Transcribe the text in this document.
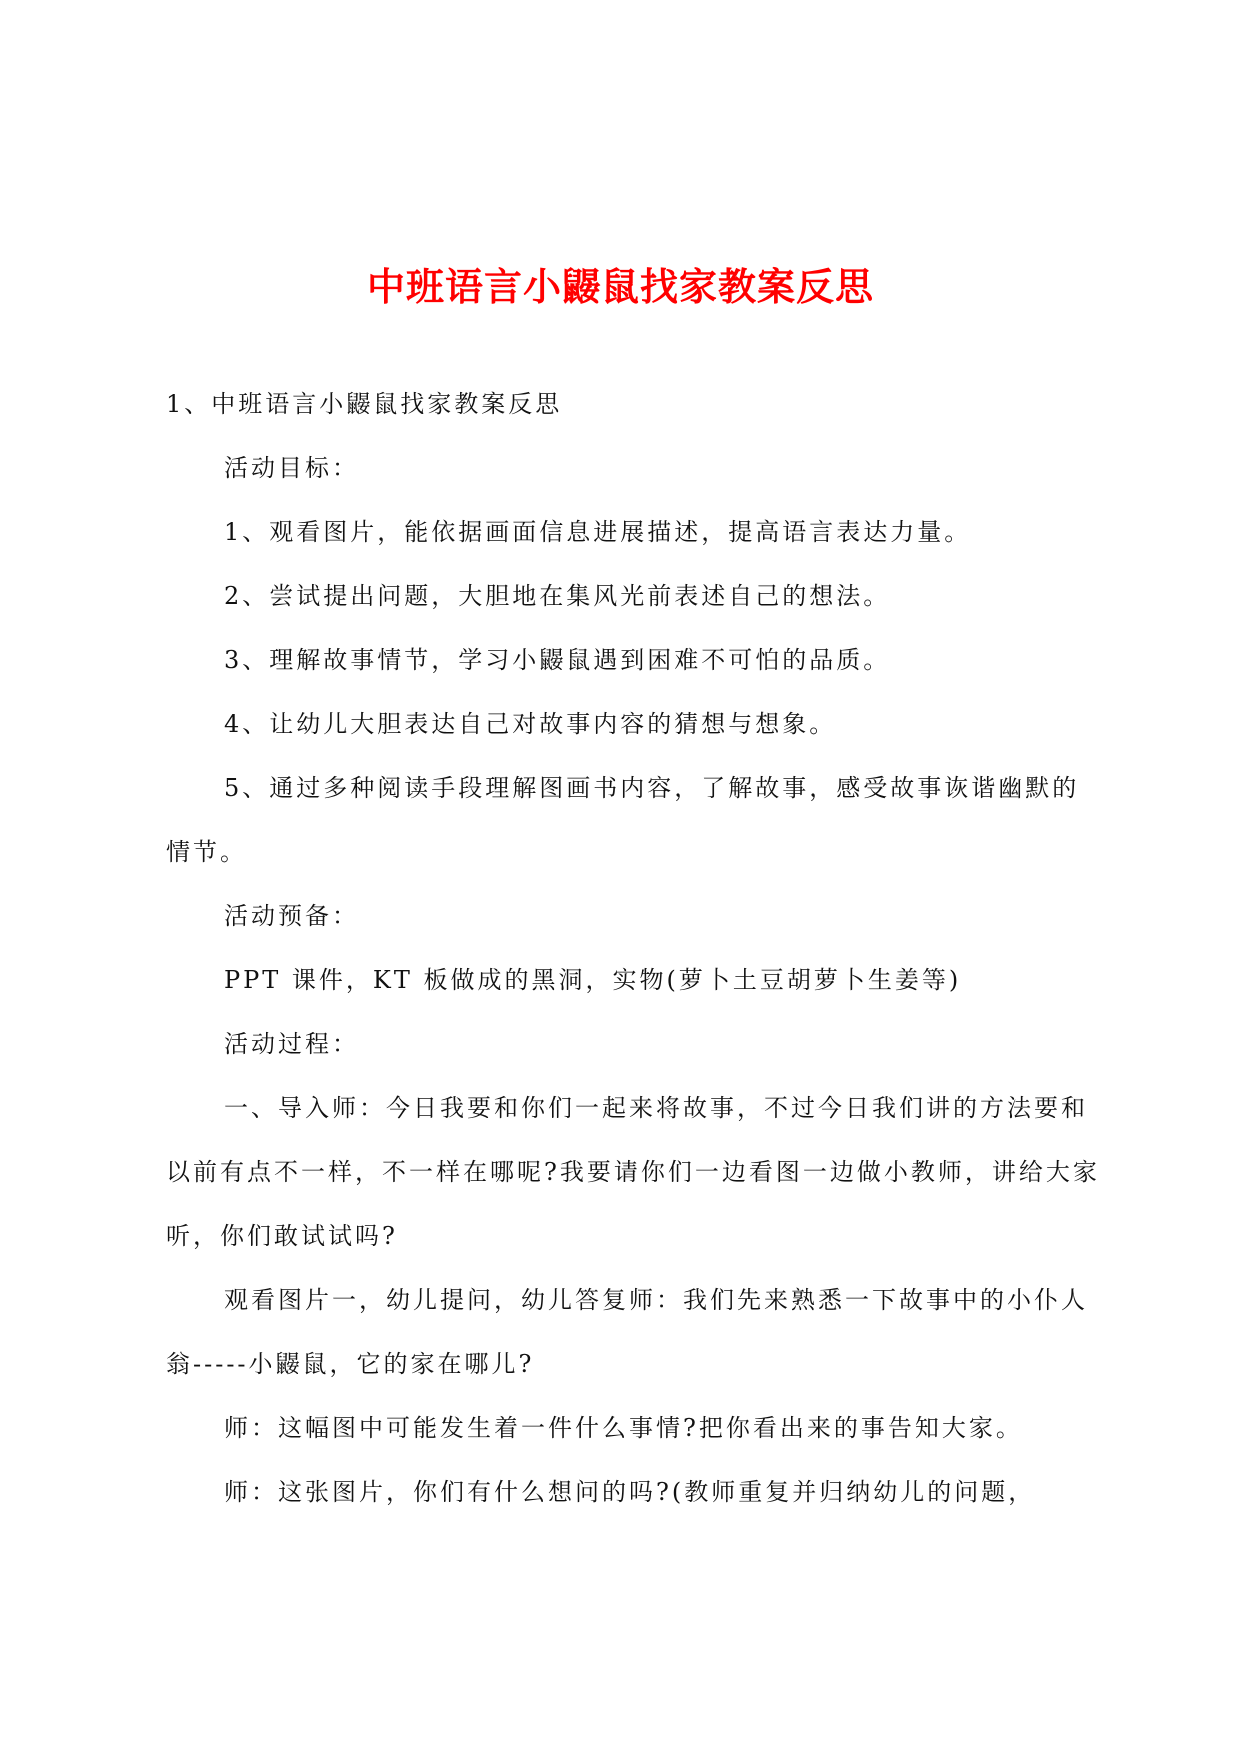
中班语言小鼹鼠找家教案反思

1、中班语言小鼹鼠找家教案反思

活动目标：

1、观看图片，能依据画面信息进展描述，提高语言表达力量。

2、尝试提出问题，大胆地在集风光前表述自己的想法。

3、理解故事情节，学习小鼹鼠遇到困难不可怕的品质。

4、让幼儿大胆表达自己对故事内容的猜想与想象。

5、通过多种阅读手段理解图画书内容，了解故事，感受故事诙谐幽默的情节。

活动预备：

PPT 课件，KT 板做成的黑洞，实物(萝卜土豆胡萝卜生姜等)

活动过程：

一、导入师：今日我要和你们一起来将故事，不过今日我们讲的方法要和以前有点不一样，不一样在哪呢?我要请你们一边看图一边做小教师，讲给大家听，你们敢试试吗?

观看图片一，幼儿提问，幼儿答复师：我们先来熟悉一下故事中的小仆人翁-----小鼹鼠，它的家在哪儿?

师：这幅图中可能发生着一件什么事情?把你看出来的事告知大家。

师：这张图片，你们有什么想问的吗?(教师重复并归纳幼儿的问题，
